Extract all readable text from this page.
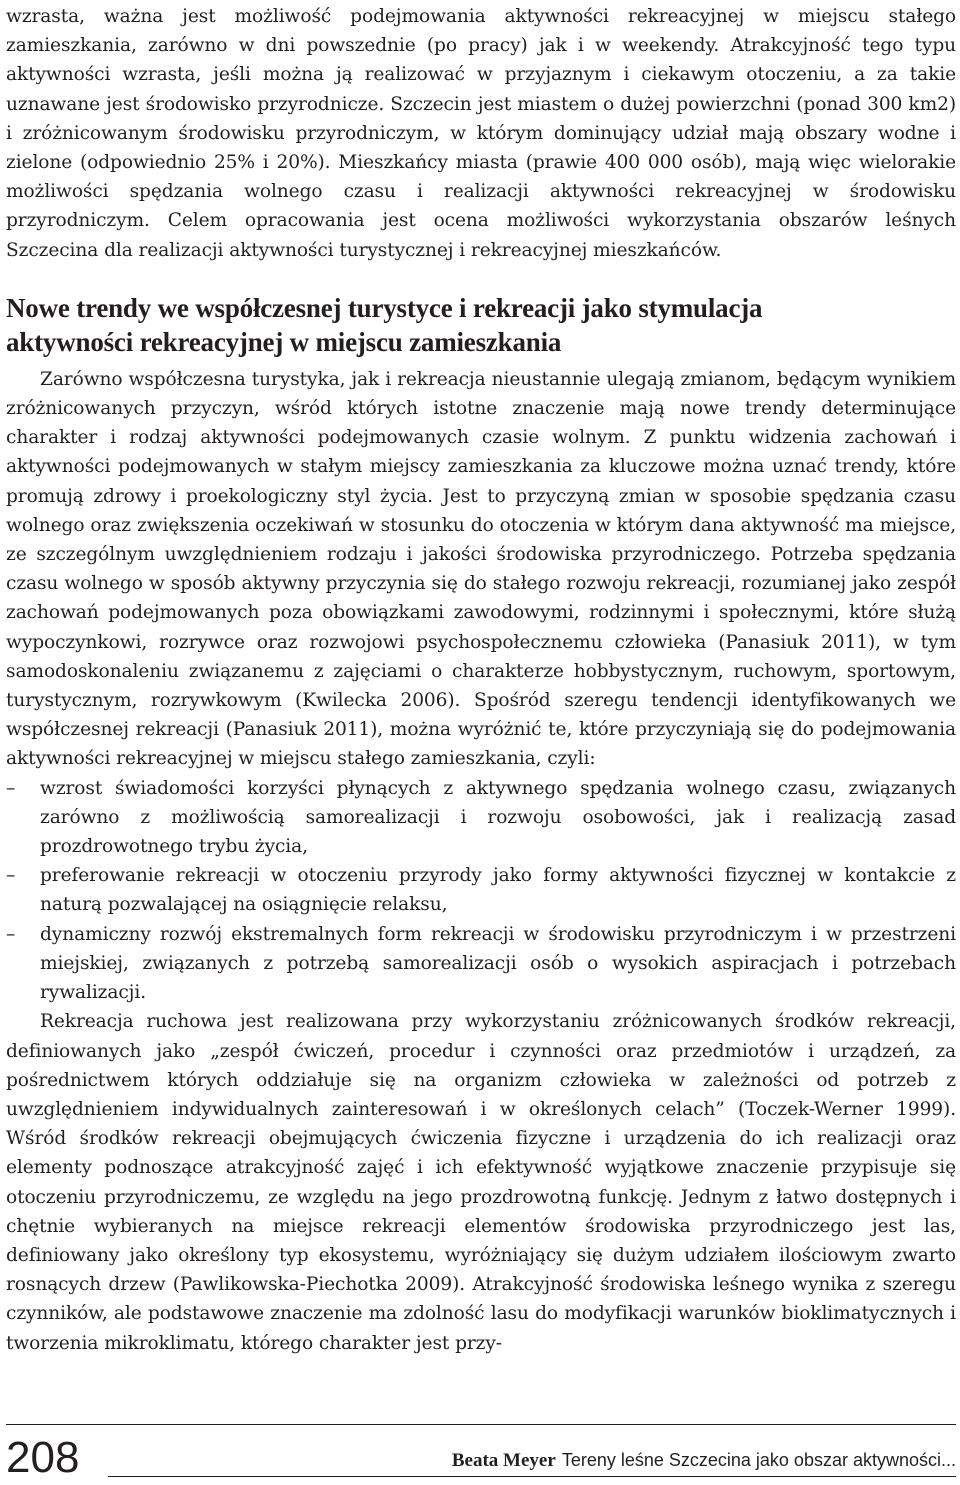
wzrasta, ważna jest możliwość podejmowania aktywności rekreacyjnej w miejscu stałego zamieszkania, zarówno w dni powszednie (po pracy) jak i w weekendy. Atrakcyjność tego typu aktywności wzrasta, jeśli można ją realizować w przyjaznym i ciekawym otoczeniu, a za takie uznawane jest środowisko przyrodnicze. Szczecin jest miastem o dużej powierzchni (ponad 300 km2) i zróżnicowanym środowisku przyrodniczym, w którym dominujący udział mają obszary wodne i zielone (odpowiednio 25% i 20%). Mieszkańcy miasta (prawie 400 000 osób), mają więc wielorakie możliwości spędzania wolnego czasu i realizacji aktywności rekreacyjnej w środowisku przyrodniczym. Celem opracowania jest ocena możliwości wykorzystania obszarów leśnych Szczecina dla realizacji aktywności turystycznej i rekreacyjnej mieszkańców.

Nowe trendy we współczesnej turystyce i rekreacji jako stymulacja
aktywności rekreacyjnej w miejscu zamieszkania

Zarówno współczesna turystyka, jak i rekreacja nieustannie ulegają zmianom, będącym wynikiem zróżnicowanych przyczyn, wśród których istotne znaczenie mają nowe trendy determinujące charakter i rodzaj aktywności podejmowanych czasie wolnym. Z punktu widzenia zachowań i aktywności podejmowanych w stałym miejscy zamieszkania za kluczowe można uznać trendy, które promują zdrowy i proekologiczny styl życia. Jest to przyczyną zmian w sposobie spędzania czasu wolnego oraz zwiększenia oczekiwań w stosunku do otoczenia w którym dana aktywność ma miejsce, ze szczególnym uwzględnieniem rodzaju i jakości środowiska przyrodniczego. Potrzeba spędzania czasu wolnego w sposób aktywny przyczynia się do stałego rozwoju rekreacji, rozumianej jako zespół zachowań podejmowanych poza obowiązkami zawodowymi, rodzinnymi i społecznymi, które służą wypoczynkowi, rozrywce oraz rozwojowi psychospołecznemu człowieka (Panasiuk 2011), w tym samodoskonaleniu związanemu z zajęciami o charakterze hobbystycznym, ruchowym, sportowym, turystycznym, rozrywkowym (Kwilecka 2006). Spośród szeregu tendencji identyfikowanych we współczesnej rekreacji (Panasiuk 2011), można wyróżnić te, które przyczyniają się do podejmowania aktywności rekreacyjnej w miejscu stałego zamieszkania, czyli:

– wzrost świadomości korzyści płynących z aktywnego spędzania wolnego czasu, związanych zarówno z możliwością samorealizacji i rozwoju osobowości, jak i realizacją zasad prozdrowotnego trybu życia,
– preferowanie rekreacji w otoczeniu przyrody jako formy aktywności fizycznej w kontakcie z naturą pozwalającej na osiągnięcie relaksu,
– dynamiczny rozwój ekstremalnych form rekreacji w środowisku przyrodniczym i w przestrzeni miejskiej, związanych z potrzebą samorealizacji osób o wysokich aspiracjach i potrzebach rywalizacji.

Rekreacja ruchowa jest realizowana przy wykorzystaniu zróżnicowanych środków rekreacji, definiowanych jako „zespół ćwiczeń, procedur i czynności oraz przedmiotów i urządzeń, za pośrednictwem których oddziałuje się na organizm człowieka w zależności od potrzeb z uwzględnieniem indywidualnych zainteresowań i w określonych celach” (Toczek-Werner 1999). Wśród środków rekreacji obejmujących ćwiczenia fizyczne i urządzenia do ich realizacji oraz elementy podnoszące atrakcyjność zajęć i ich efektywność wyjątkowe znaczenie przypisuje się otoczeniu przyrodniczemu, ze względu na jego prozdrowotną funkcję. Jednym z łatwo dostępnych i chętnie wybieranych na miejsce rekreacji elementów środowiska przyrodniczego jest las, definiowany jako określony typ ekosystemu, wyróżniający się dużym udziałem ilościowym zwarto rosnących drzew (Pawlikowska-Piechotka 2009). Atrakcyjność środowiska leśnego wynika z szeregu czynników, ale podstawowe znaczenie ma zdolność lasu do modyfikacji warunków bioklimatycznych i tworzenia mikroklimatu, którego charakter jest przy-

208	Beata Meyer Tereny leśne Szczecina jako obszar aktywności...
